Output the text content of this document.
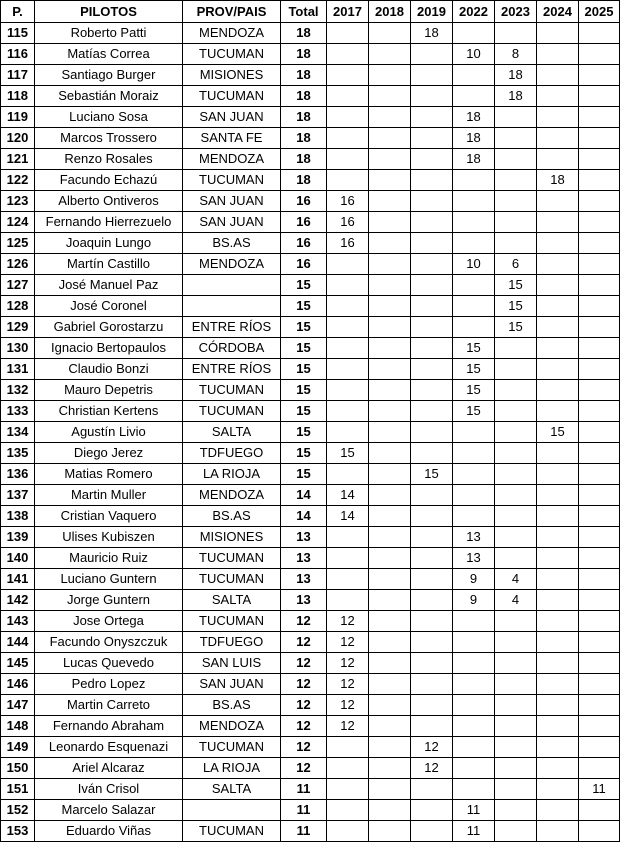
P.	PILOTOS	PROV/PAIS	Total	2017	2018	2019	2022	2023	2024	2025
115	Roberto Patti	MENDOZA	18			18				
116	Matías Correa	TUCUMAN	18				10	8		
117	Santiago Burger	MISIONES	18					18		
118	Sebastián Moraiz	TUCUMAN	18					18		
119	Luciano Sosa	SAN JUAN	18				18			
120	Marcos Trossero	SANTA FE	18				18			
121	Renzo Rosales	MENDOZA	18				18			
122	Facundo Echazú	TUCUMAN	18						18	
123	Alberto Ontiveros	SAN JUAN	16	16						
124	Fernando Hierrezuelo	SAN JUAN	16	16						
125	Joaquin Lungo	BS.AS	16	16						
126	Martín Castillo	MENDOZA	16				10	6		
127	José Manuel Paz		15					15		
128	José Coronel		15					15		
129	Gabriel Gorostarzu	ENTRE RÍOS	15					15		
130	Ignacio Bertopaulos	CÓRDOBA	15				15			
131	Claudio Bonzi	ENTRE RÍOS	15				15			
132	Mauro Depetris	TUCUMAN	15				15			
133	Christian Kertens	TUCUMAN	15				15			
134	Agustín Livio	SALTA	15						15	
135	Diego Jerez	TDFUEGO	15	15						
136	Matias Romero	LA RIOJA	15			15				
137	Martin Muller	MENDOZA	14	14						
138	Cristian Vaquero	BS.AS	14	14						
139	Ulises Kubiszen	MISIONES	13				13			
140	Mauricio Ruiz	TUCUMAN	13				13			
141	Luciano Guntern	TUCUMAN	13				9	4		
142	Jorge Guntern	SALTA	13				9	4		
143	Jose Ortega	TUCUMAN	12	12						
144	Facundo Onyszczuk	TDFUEGO	12	12						
145	Lucas Quevedo	SAN LUIS	12	12						
146	Pedro Lopez	SAN JUAN	12	12						
147	Martin Carreto	BS.AS	12	12						
148	Fernando Abraham	MENDOZA	12	12						
149	Leonardo Esquenazi	TUCUMAN	12			12				
150	Ariel Alcaraz	LA RIOJA	12			12				
151	Iván Crisol	SALTA	11							11
152	Marcelo Salazar		11				11			
153	Eduardo Viñas	TUCUMAN	11				11			
